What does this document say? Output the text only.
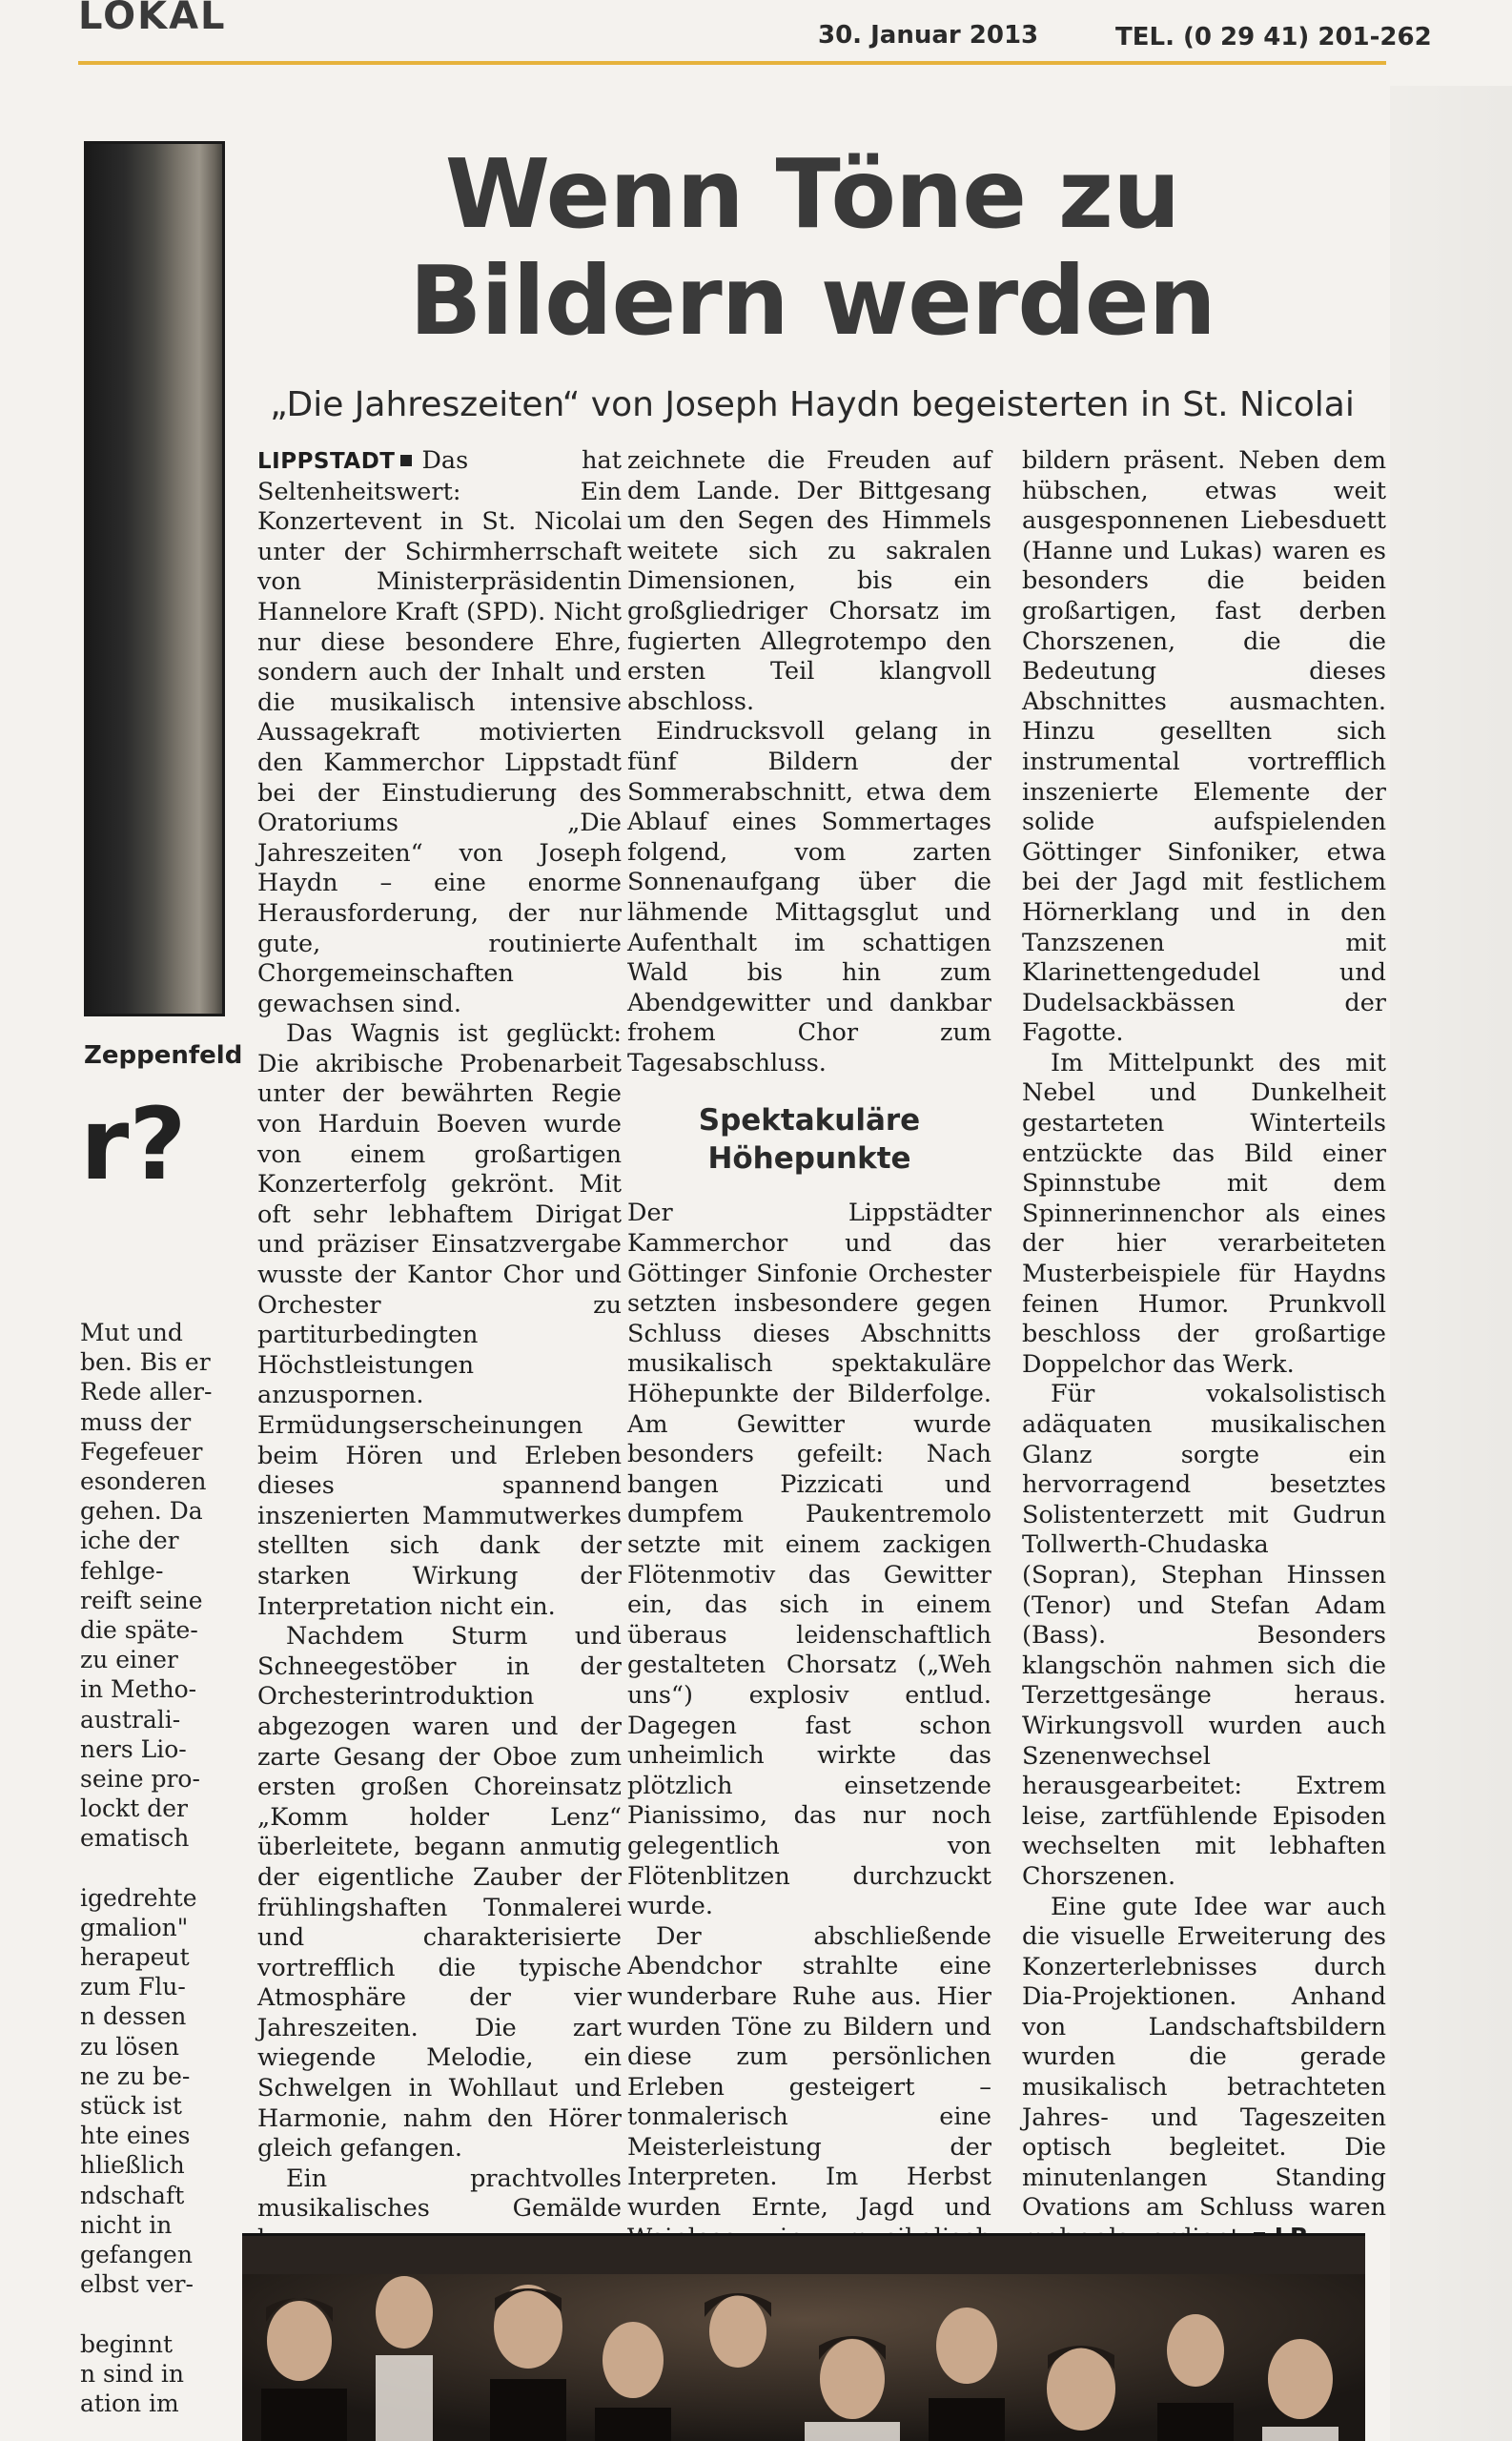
LOKAL	30. Januar 2013	TEL. (0 29 41) 201-262
Zeppenfeld
r?
Mut und
ben. Bis er
Rede aller-
muss der
Fegefeuer
esonderen
gehen. Da
iche der
fehlge-
reift seine
die späte-
zu einer
in Metho-
australi-
ners Lio-
seine pro-
lockt der
ematisch
igedrehte
gmalion"
herapeut
zum Flu-
n dessen
zu lösen
ne zu be-
stück ist
hte eines
hließlich
ndschaft
nicht in
gefangen
elbst ver-
beginnt
n sind in
ation im
Wenn Töne zu
Bildern werden
„Die Jahreszeiten“ von Joseph Haydn begeisterten in St. Nicolai

LIPPSTADT Das hat Seltenheitswert: Ein Konzertevent in St. Nicolai unter der Schirmherrschaft von Ministerpräsidentin Hannelore Kraft (SPD). Nicht nur diese besondere Ehre, sondern auch der Inhalt und die musikalisch intensive Aussagekraft motivierten den Kammerchor Lippstadt bei der Einstudierung des Oratoriums „Die Jahreszeiten“ von Joseph Haydn – eine enorme Herausforderung, der nur gute, routinierte Chorgemeinschaften gewachsen sind.

Das Wagnis ist geglückt: Die akribische Probenarbeit unter der bewährten Regie von Harduin Boeven wurde von einem großartigen Konzerterfolg gekrönt. Mit oft sehr lebhaftem Dirigat und präziser Einsatzvergabe wusste der Kantor Chor und Orchester zu partiturbedingten Höchstleistungen anzuspornen. Ermüdungserscheinungen beim Hören und Erleben dieses spannend inszenierten Mammutwerkes stellten sich dank der starken Wirkung der Interpretation nicht ein.

Nachdem Sturm und Schneegestöber in der Orchesterintroduktion abgezogen waren und der zarte Gesang der Oboe zum ersten großen Choreinsatz „Komm holder Lenz“ überleitete, begann anmutig der eigentliche Zauber der frühlingshaften Tonmalerei und charakterisierte vortrefflich die typische Atmosphäre der vier Jahreszeiten. Die zart wiegende Melodie, ein Schwelgen in Wohllaut und Harmonie, nahm den Hörer gleich gefangen.

Ein prachtvolles musikalisches Gemälde

zeichnete die Freuden auf dem Lande. Der Bittgesang um den Segen des Himmels weitete sich zu sakralen Dimensionen, bis ein großgliedriger Chorsatz im fugierten Allegrotempo den ersten Teil klangvoll abschloss.

Eindrucksvoll gelang in fünf Bildern der Sommerabschnitt, etwa dem Ablauf eines Sommertages folgend, vom zarten Sonnenaufgang über die lähmende Mittagsglut und Aufenthalt im schattigen Wald bis hin zum Abendgewitter und dankbar frohem Chor zum Tagesabschluss.

Spektakuläre Höhepunkte

Der Lippstädter Kammerchor und das Göttinger Sinfonie Orchester setzten insbesondere gegen Schluss dieses Abschnitts musikalisch spektakuläre Höhepunkte der Bilderfolge. Am Gewitter wurde besonders gefeilt: Nach bangen Pizzicati und dumpfem Paukentremolo setzte mit einem zackigen Flötenmotiv das Gewitter ein, das sich in einem überaus leidenschaftlich gestalteten Chorsatz („Weh uns“) explosiv entlud. Dagegen fast schon unheimlich wirkte das plötzlich einsetzende Pianissimo, das nur noch gelegentlich von Flötenblitzen durchzuckt wurde.

Der abschließende Abendchor strahlte eine wunderbare Ruhe aus. Hier wurden Töne zu Bildern und diese zum persönlichen Erleben gesteigert – tonmalerisch eine Meisterleistung der Interpreten. Im Herbst wurden Ernte, Jagd und

bildern präsent. Neben dem hübschen, etwas weit ausgesponnenen Liebesduett (Hanne und Lukas) waren es besonders die beiden großartigen, fast derben Chorszenen, die die Bedeutung dieses Abschnittes ausmachten. Hinzu gesellten sich instrumental vortrefflich inszenierte Elemente der solide aufspielenden Göttinger Sinfoniker, etwa bei der Jagd mit festlichem Hörnerklang und in den Tanzszenen mit Klarinettengedudel und Dudelsackbässen der Fagotte.

Im Mittelpunkt des mit Nebel und Dunkelheit gestarteten Winterteils entzückte das Bild einer Spinnstube mit dem Spinnerinnenchor als eines der hier verarbeiteten Musterbeispiele für Haydns feinen Humor. Prunkvoll beschloss der großartige Doppelchor das Werk.

Für vokalsolistisch adäquaten musikalischen Glanz sorgte ein hervorragend besetztes Solistenterzett mit Gudrun Tollwerth-Chudaska (Sopran), Stephan Hinssen (Tenor) und Stefan Adam (Bass). Besonders klangschön nahmen sich die Terzettgesänge heraus. Wirkungsvoll wurden auch Szenenwechsel herausgearbeitet: Extrem leise, zartfühlende Episoden wechselten mit lebhaften Chorszenen.

Eine gute Idee war auch die visuelle Erweiterung des Konzerterlebnisses durch Dia-Projektionen. Anhand von Landschaftsbildern wurden die gerade musikalisch betrachteten Jahres- und Tageszeiten optisch begleitet. Die minutenlangen Standing Ovations am Schluss waren
